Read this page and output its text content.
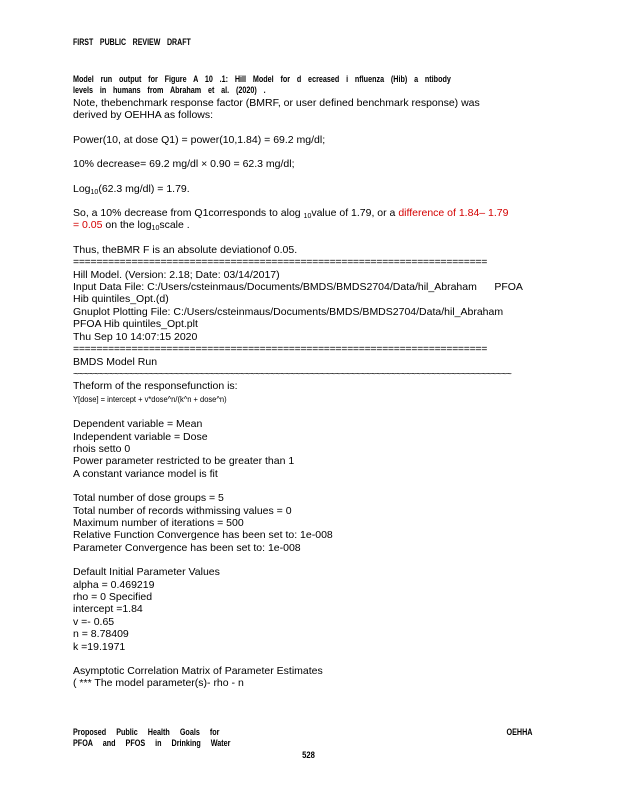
FIRST PUBLIC REVIEW DRAFT
Model run output for Figure A 10 .1: Hill Model for d ecreased i nfluenza (Hib) a ntibody
levels in humans from Abraham et al. (2020) .
Note, thebenchmark response factor (BMRF, or user defined benchmark response) was
derived by OEHHA as follows:
Power(10, at dose Q1) = power(10,1.84) = 69.2 mg/dl;
10% decrease= 69.2 mg/dl × 0.90 = 62.3 mg/dl;
Log$_{10}$(62.3 mg/dl) = 1.79.
So, a 10% decrease from Q1corresponds to alog $_{10}$value of 1.79, or a difference of 1.84– 1.79
= 0.05 on the $\log_{10}scale$ .
Thus, theBMR F is an absolute deviationof 0.05.
=======================================================================
Hill Model. (Version: 2.18; Date: 03/14/2017)
Input Data File: C:/Users/csteinmaus/Documents/BMDS/BMDS2704/Data/hil_Abraham      PFOA
Hib quintiles_Opt.(d)
Gnuplot Plotting File: C:/Users/csteinmaus/Documents/BMDS/BMDS2704/Data/hil_Abraham
PFOA Hib quintiles_Opt.plt
Thu Sep 10 14:07:15 2020
=======================================================================
BMDS Model Run
~~~~~~~~~~~~~~~~~~~~~~~~~~~~~~~~~~~~~~~~~~~~~~~~~~~~~~~~~~~~~~~~~~~~~~~~~~~~~~~~~~~~~~~
Theform of the responsefunction is:
Y[dose] = intercept + v*dose^n/(k^n + dose^n)
Dependent variable = Mean
Independent variable = Dose
rhois setto 0
Power parameter restricted to be greater than 1
A constant variance model is fit
Total number of dose groups = 5
Total number of records withmissing values = 0
Maximum number of iterations = 500
Relative Function Convergence has been set to: 1e-008
Parameter Convergence has been set to: 1e-008
Default Initial Parameter Values
alpha = 0.469219
rho = 0 Specified
intercept =1.84
v =- 0.65
n = 8.78409
k =19.1971
Asymptotic Correlation Matrix of Parameter Estimates
( *** The model parameter(s)- rho - n
Proposed Public Health Goals for
PFOA and PFOS in Drinking Water
OEHHA
528
